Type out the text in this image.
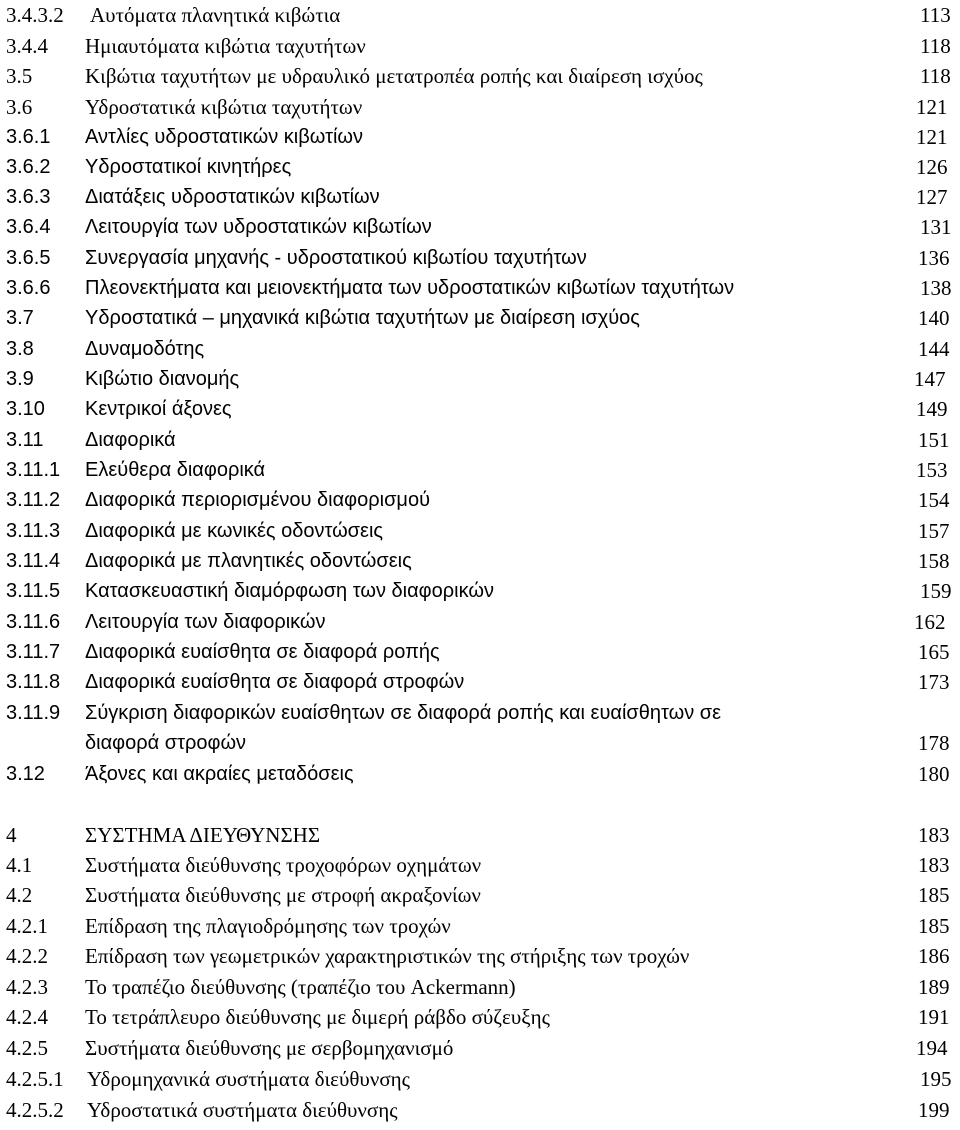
3.4.3.2 Αυτόματα πλανητικά κιβώτια	113
3.4.4 Ημιαυτόματα κιβώτια ταχυτήτων	118
3.5	Κιβώτια ταχυτήτων με υδραυλικό μετατροπέα ροπής και διαίρεση ισχύος	118
3.6	Υδροστατικά κιβώτια ταχυτήτων	121
3.6.1 Αντλίες υδροστατικών κιβωτίων	121
3.6.2 Υδροστατικοί κινητήρες	126
3.6.3 Διατάξεις υδροστατικών κιβωτίων	127
3.6.4 Λειτουργία των υδροστατικών κιβωτίων	131
3.6.5 Συνεργασία μηχανής - υδροστατικού κιβωτίου ταχυτήτων	136
3.6.6 Πλεονεκτήματα και μειονεκτήματα των υδροστατικών κιβωτίων ταχυτήτων	138
3.7	Υδροστατικά – μηχανικά κιβώτια ταχυτήτων με διαίρεση ισχύος	140
3.8	Δυναμοδότης	144
3.9	Κιβώτιο διανομής	147
3.10 Κεντρικοί άξονες	149
3.11 Διαφορικά	151
3.11.1 Ελεύθερα διαφορικά	153
3.11.2 Διαφορικά περιορισμένου διαφορισμού	154
3.11.3 Διαφορικά με κωνικές οδοντώσεις	157
3.11.4 Διαφορικά με πλανητικές οδοντώσεις	158
3.11.5 Κατασκευαστική διαμόρφωση των διαφορικών	159
3.11.6 Λειτουργία των διαφορικών	162
3.11.7 Διαφορικά ευαίσθητα σε διαφορά ροπής	165
3.11.8 Διαφορικά ευαίσθητα σε διαφορά στροφών	173
3.11.9 Σύγκριση διαφορικών ευαίσθητων σε διαφορά ροπής και ευαίσθητων σε
διαφορά στροφών	178
3.12 Άξονες και ακραίες μεταδόσεις	180
4	ΣΥΣΤΗΜΑ ΔΙΕΥΘΥΝΣΗΣ	183
4.1	Συστήματα διεύθυνσης τροχοφόρων οχημάτων	183
4.2	Συστήματα διεύθυνσης με στροφή ακραξονίων	185
4.2.1 Επίδραση της πλαγιοδρόμησης των τροχών	185
4.2.2 Επίδραση των γεωμετρικών χαρακτηριστικών της στήριξης των τροχών	186
4.2.3 Το τραπέζιο διεύθυνσης (τραπέζιο του Ackermann)	189
4.2.4 Το τετράπλευρο διεύθυνσης με διμερή ράβδο σύζευξης	191
4.2.5 Συστήματα διεύθυνσης με σερβομηχανισμό	194
4.2.5.1 Υδρομηχανικά συστήματα διεύθυνσης	195
4.2.5.2 Υδροστατικά συστήματα διεύθυνσης	199
